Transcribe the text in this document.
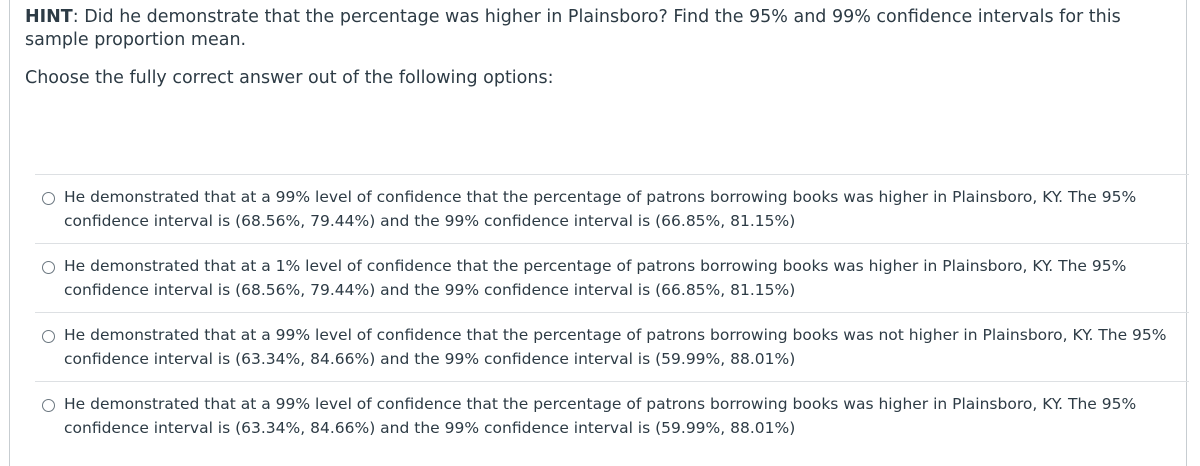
HINT: Did he demonstrate that the percentage was higher in Plainsboro? Find the 95% and 99% confidence intervals for this sample proportion mean.

Choose the fully correct answer out of the following options:

He demonstrated that at a 99% level of confidence that the percentage of patrons borrowing books was higher in Plainsboro, KY. The 95% confidence interval is (68.56%, 79.44%) and the 99% confidence interval is (66.85%, 81.15%)
He demonstrated that at a 1% level of confidence that the percentage of patrons borrowing books was higher in Plainsboro, KY. The 95% confidence interval is (68.56%, 79.44%) and the 99% confidence interval is (66.85%, 81.15%)
He demonstrated that at a 99% level of confidence that the percentage of patrons borrowing books was not higher in Plainsboro, KY. The 95% confidence interval is (63.34%, 84.66%) and the 99% confidence interval is (59.99%, 88.01%)
He demonstrated that at a 99% level of confidence that the percentage of patrons borrowing books was higher in Plainsboro, KY. The 95% confidence interval is (63.34%, 84.66%) and the 99% confidence interval is (59.99%, 88.01%)
